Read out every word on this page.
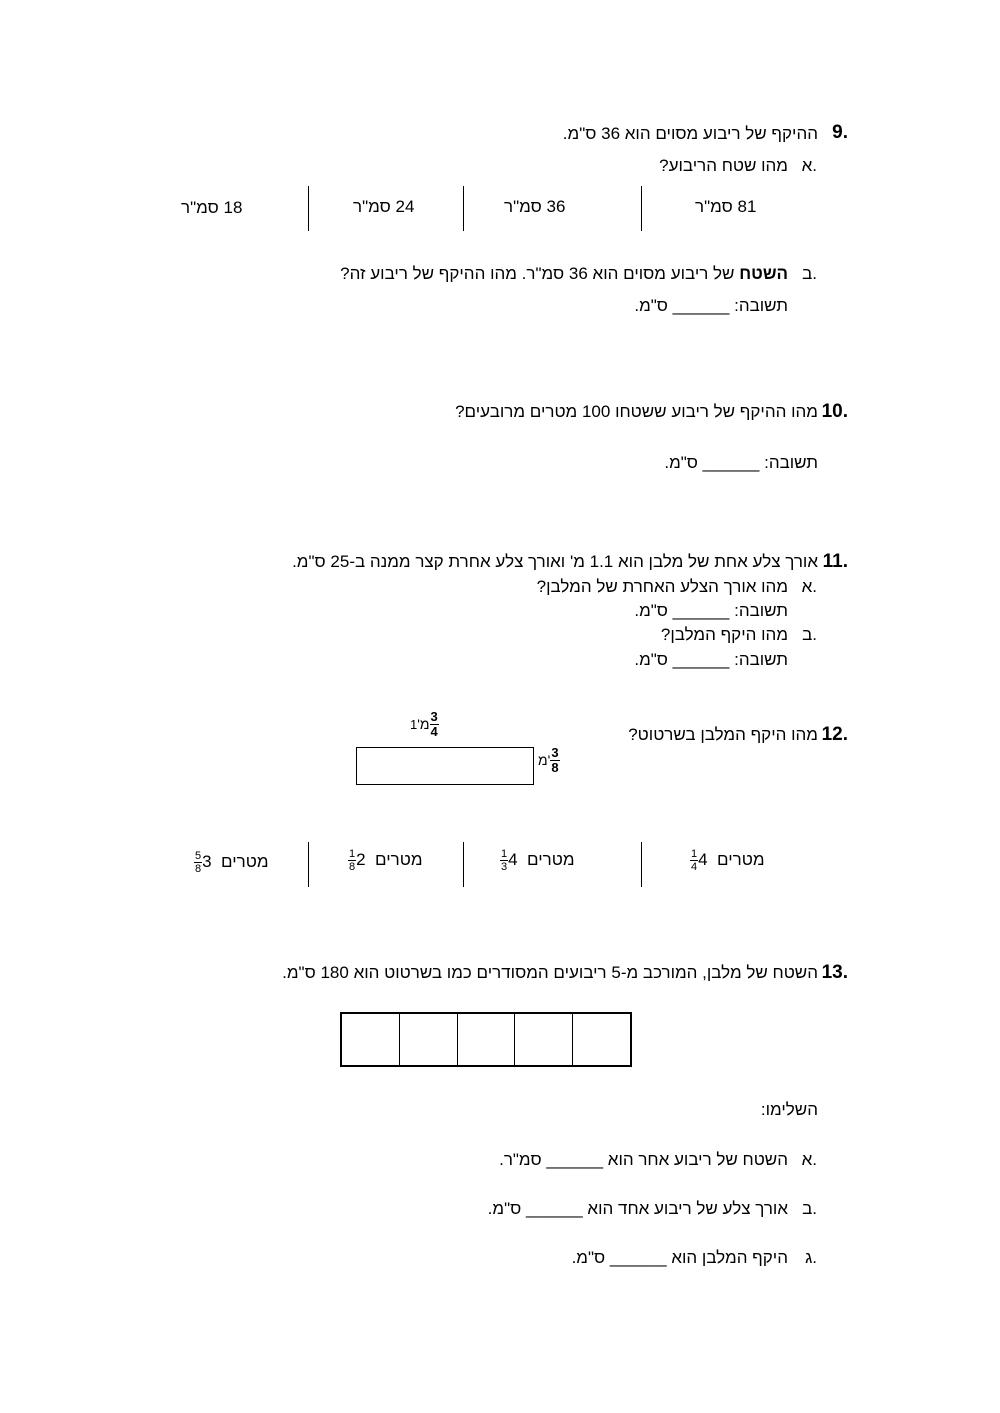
9.
ההיקף של ריבוע מסוים הוא 36 ס"מ.
א.
מהו שטח הריבוע?
81 סמ"ר
36 סמ"ר
24 סמ"ר
18 סמ"ר
ב.
השטח של ריבוע מסוים הוא 36 סמ"ר. מהו ההיקף של ריבוע זה?
תשובה: ______ ס"מ.
10.
מהו ההיקף של ריבוע ששטחו 100 מטרים מרובעים?
תשובה: ______ ס"מ.
11.
אורך צלע אחת של מלבן הוא 1.1 מ' ואורך צלע אחרת קצר ממנה ב-25 ס"מ.
א.
מהו אורך הצלע האחרת של המלבן?
תשובה: ______ ס"מ.
ב.
מהו היקף המלבן?
תשובה: ______ ס"מ.
12.
מהו היקף המלבן בשרטוט?
מ'1 $\frac{3}{4}$
מ' $\frac{3}{8}$
מטרים  4
$\frac{1}{4}$
מטרים  4
$\frac{1}{3}$
מטרים  2
$\frac{1}{8}$
מטרים  3
$\frac{5}{8}$
13.
השטח של מלבן, המורכב מ-5 ריבועים המסודרים כמו בשרטוט הוא 180 ס"מ.
השלימו:
א.
השטח של ריבוע אחר הוא ______ סמ"ר.
ב.
אורך צלע של ריבוע אחד הוא ______ ס"מ.
ג.
היקף המלבן הוא ______ ס"מ.
